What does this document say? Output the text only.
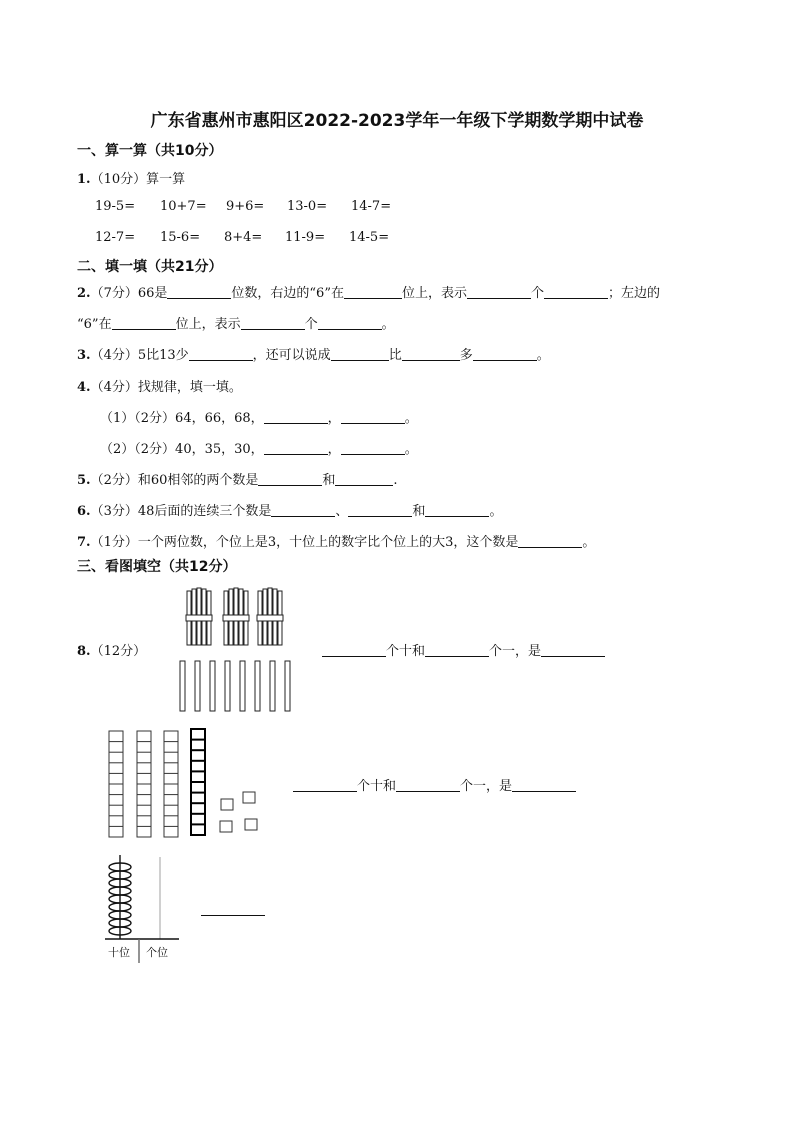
广东省惠州市惠阳区2022-2023学年一年级下学期数学期中试卷
一、算一算（共10分）
1.（10分）算一算
19-5= 10+7= 9+6= 13-0= 14-7=
12-7= 15-6= 8+4= 11-9= 14-5=
二、填一填（共21分）
2.（7分）66是	位数，右边的“6”在	位上，表示	个	；左边的
“6”在	位上，表示	个	。
3.（4分）5比13少	，还可以说成	比	多	。
4.（4分）找规律，填一填。
（1）（2分）64，66，68，	，	。
（2）（2分）40，35，30，	，	。
5.（2分）和60相邻的两个数是	和	.
6.（3分）48后面的连续三个数是	、	和	。
7.（1分）一个两位数，个位上是3，十位上的数字比个位上的大3，这个数是	。
三、看图填空（共12分）
8.（12分）	个十和	个一，是
个十和	个一，是
十位 个位
